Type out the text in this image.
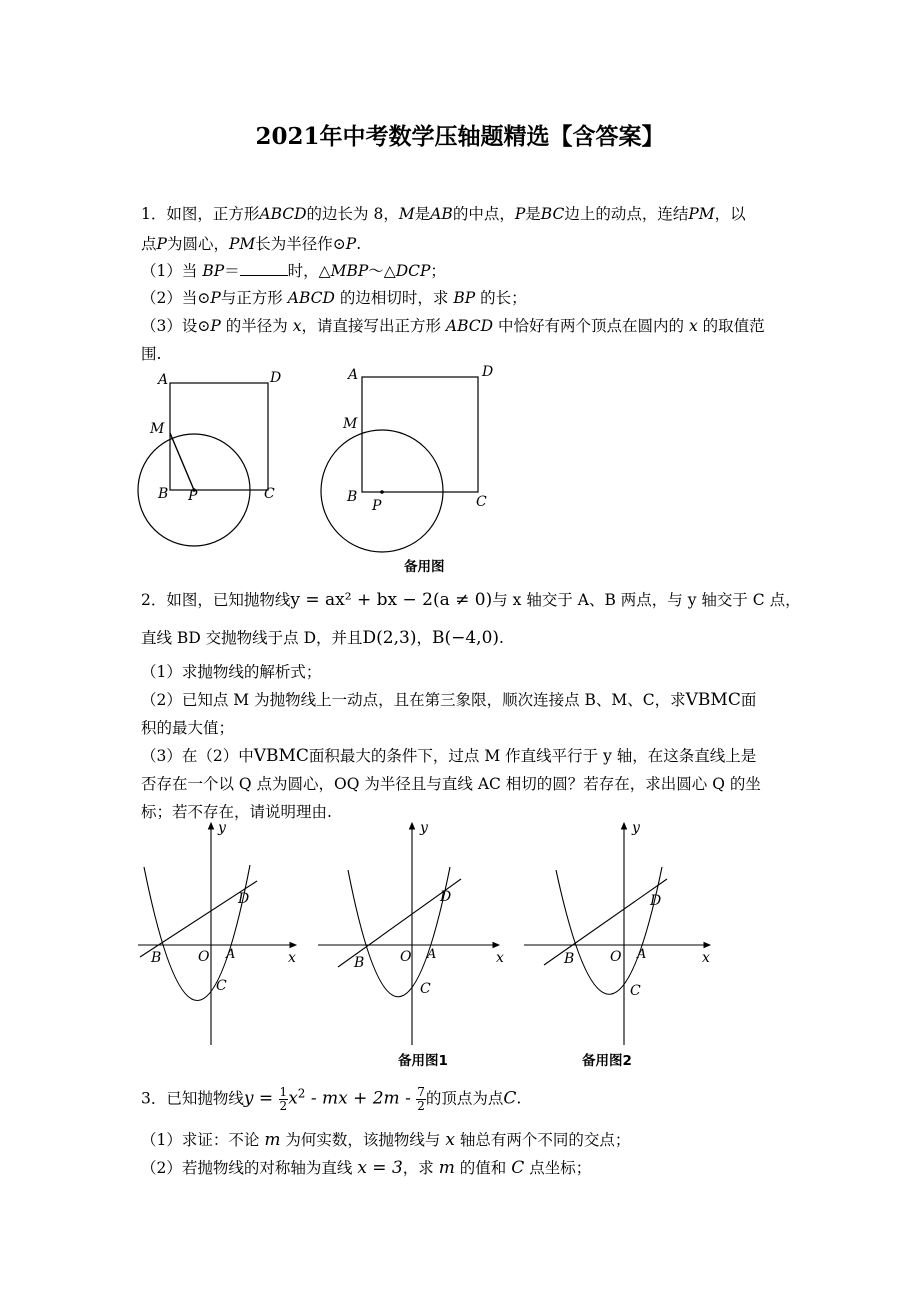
2021年中考数学压轴题精选【含答案】
1．如图，正方形ABCD的边长为 8，M是AB的中点，P是BC边上的动点，连结PM，以
点P为圆心，PM长为半径作⊙P.
（1）当 BP＝	时，△MBP～△DCP；
（2）当⊙P与正方形 ABCD 的边相切时，求 BP 的长；
（3）设⊙P 的半径为 x，请直接写出正方形 ABCD 中恰好有两个顶点在圆内的 x 的取值范
围.
A	D
M
B P	C
A	D
M
B
P	C
备用图
2．如图，已知抛物线y = ax² + bx − 2(a ≠ 0)与 x 轴交于 A、B 两点，与 y 轴交于 C 点，
直线 BD 交抛物线于点 D，并且D(2,3)，B(−4,0).
（1）求抛物线的解析式；
（2）已知点 M 为抛物线上一动点，且在第三象限，顺次连接点 B、M、C，求VBMC面
积的最大值；
（3）在（2）中VBMC面积最大的条件下，过点 M 作直线平行于 y 轴，在这条直线上是
否存在一个以 Q 点为圆心，OQ 为半径且与直线 AC 相切的圆？若存在，求出圆心 Q 的坐
标；若不存在，请说明理由.
y
x
O A
B
C
D
y
x
O A
B
C
D
备用图1
y
x
O A
B
C
D
备用图2
3．已知抛物线$y = \frac{1}{2} x^2$ - mx + $2m - \frac{7}{2}$ 的顶点为点C.
（1）求证：不论 m 为何实数，该抛物线与 x 轴总有两个不同的交点；
（2）若抛物线的对称轴为直线 x = 3，求 m 的值和 C 点坐标；
